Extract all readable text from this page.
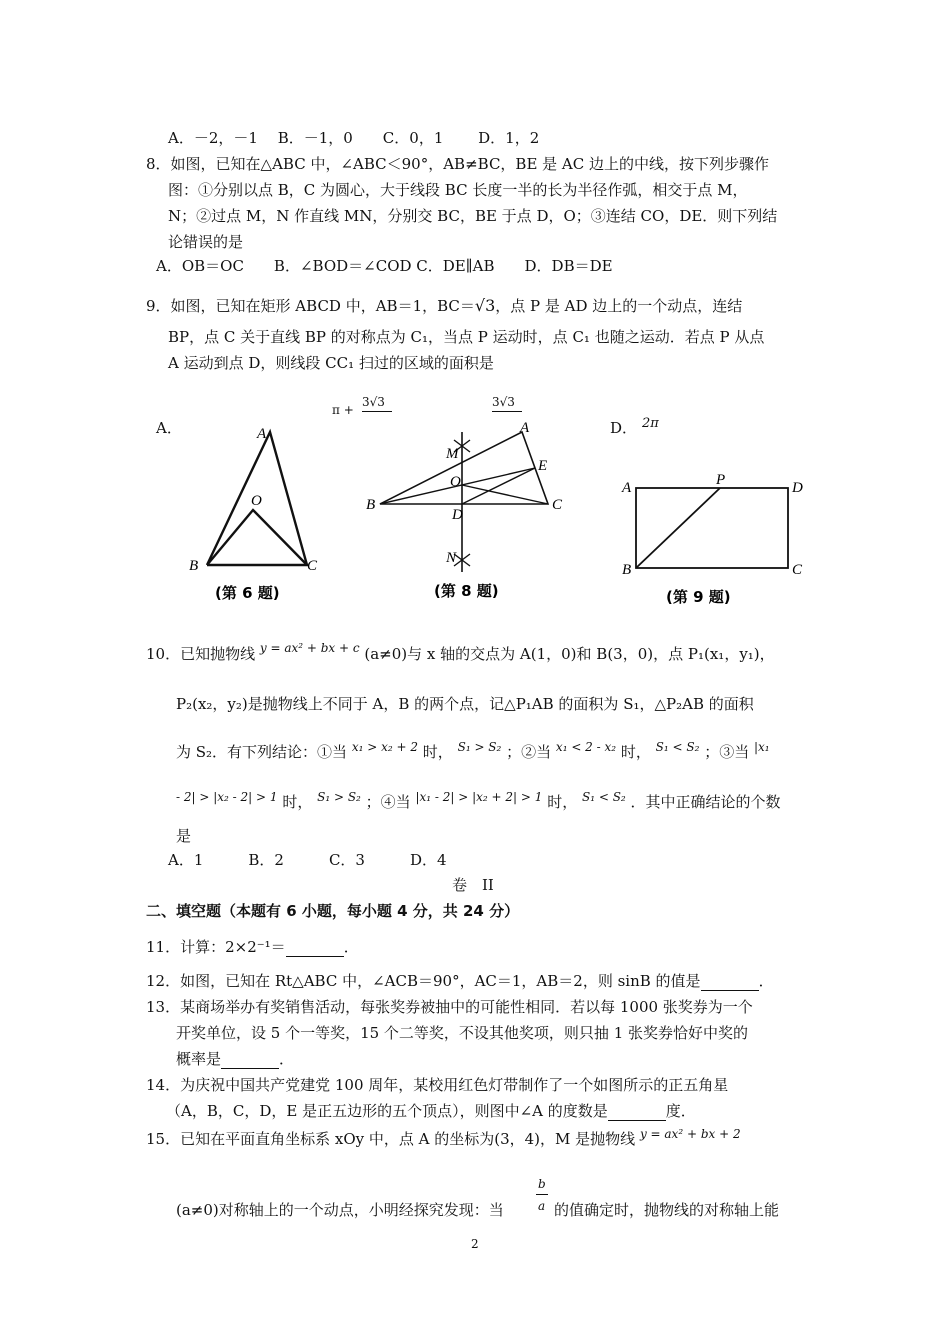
A．－2，－1　 B．－1，0　　C．0，1　　 D．1，2
8．如图，已知在△ABC 中，∠ABC＜90°，AB≠BC，BE 是 AC 边上的中线，按下列步骤作
图：①分别以点 B，C 为圆心，大于线段 BC 长度一半的长为半径作弧，相交于点 M，
N；②过点 M，N 作直线 MN，分别交 BC，BE 于点 D，O；③连结 CO，DE．则下列结
论错误的是
A．OB＝OC　　B．∠BOD＝∠COD C．DE∥AB　　D．DB＝DE
9．如图，已知在矩形 ABCD 中，AB＝1，BC＝√3，点 P 是 AD 边上的一个动点，连结
BP，点 C 关于直线 BP 的对称点为 C₁，当点 P 运动时，点 C₁ 也随之运动．若点 P 从点
A 运动到点 D，则线段 CC₁ 扫过的区域的面积是
A．
π +
3√3	3√3
D． 2π
A
O
B	C
(第 6 题)
A
M
E
O
B	C
D
N
(第 8 题)
A	P	D
B	C
(第 9 题)
10．已知抛物线 $^{y = ax^2 + bx + c}$ (a≠0)与 x 轴的交点为 A(1，0)和 B(3，0)，点 P₁(x₁，y₁)，
P₂(x₂，y₂)是抛物线上不同于 A，B 的两个点，记△P₁AB 的面积为 S₁，△P₂AB 的面积
为 S₂．有下列结论：①当 $^{x_1 > x_2 + 2}$ 时， $^{S_1 > S_2}$ ；②当 $^{x_1 < 2 - x_2}$ 时， $^{S_1 < S_2}$ ；③当 $^{|x_1}$
$^{- 2| > |x_2 - 2| > 1}$ 时， $^{S_1 > S_2}$ ；④当 $^{|x_1 - 2| > |x_2 + 2| > 1}$ 时， $^{S_1 < S_2}$ ．其中正确结论的个数
是
A．1　　　B．2　　　C．3　　　D．4
卷　II
二、填空题（本题有 6 小题，每小题 4 分，共 24 分）
11．计算：2×2⁻¹＝	．
12．如图，已知在 Rt△ABC 中，∠ACB＝90°，AC＝1，AB＝2，则 sinB 的值是	．
13．某商场举办有奖销售活动，每张奖券被抽中的可能性相同．若以每 1000 张奖券为一个
开奖单位，设 5 个一等奖，15 个二等奖，不设其他奖项，则只抽 1 张奖券恰好中奖的
概率是	．
14．为庆祝中国共产党建党 100 周年，某校用红色灯带制作了一个如图所示的正五角星
（A，B，C，D，E 是正五边形的五个顶点），则图中∠A 的度数是	度．
15．已知在平面直角坐标系 xOy 中，点 A 的坐标为(3，4)，M 是抛物线 $^{y = ax^2 + bx + 2}$
b
a
(a≠0)对称轴上的一个动点，小明经探究发现：当	的值确定时，抛物线的对称轴上能
2
